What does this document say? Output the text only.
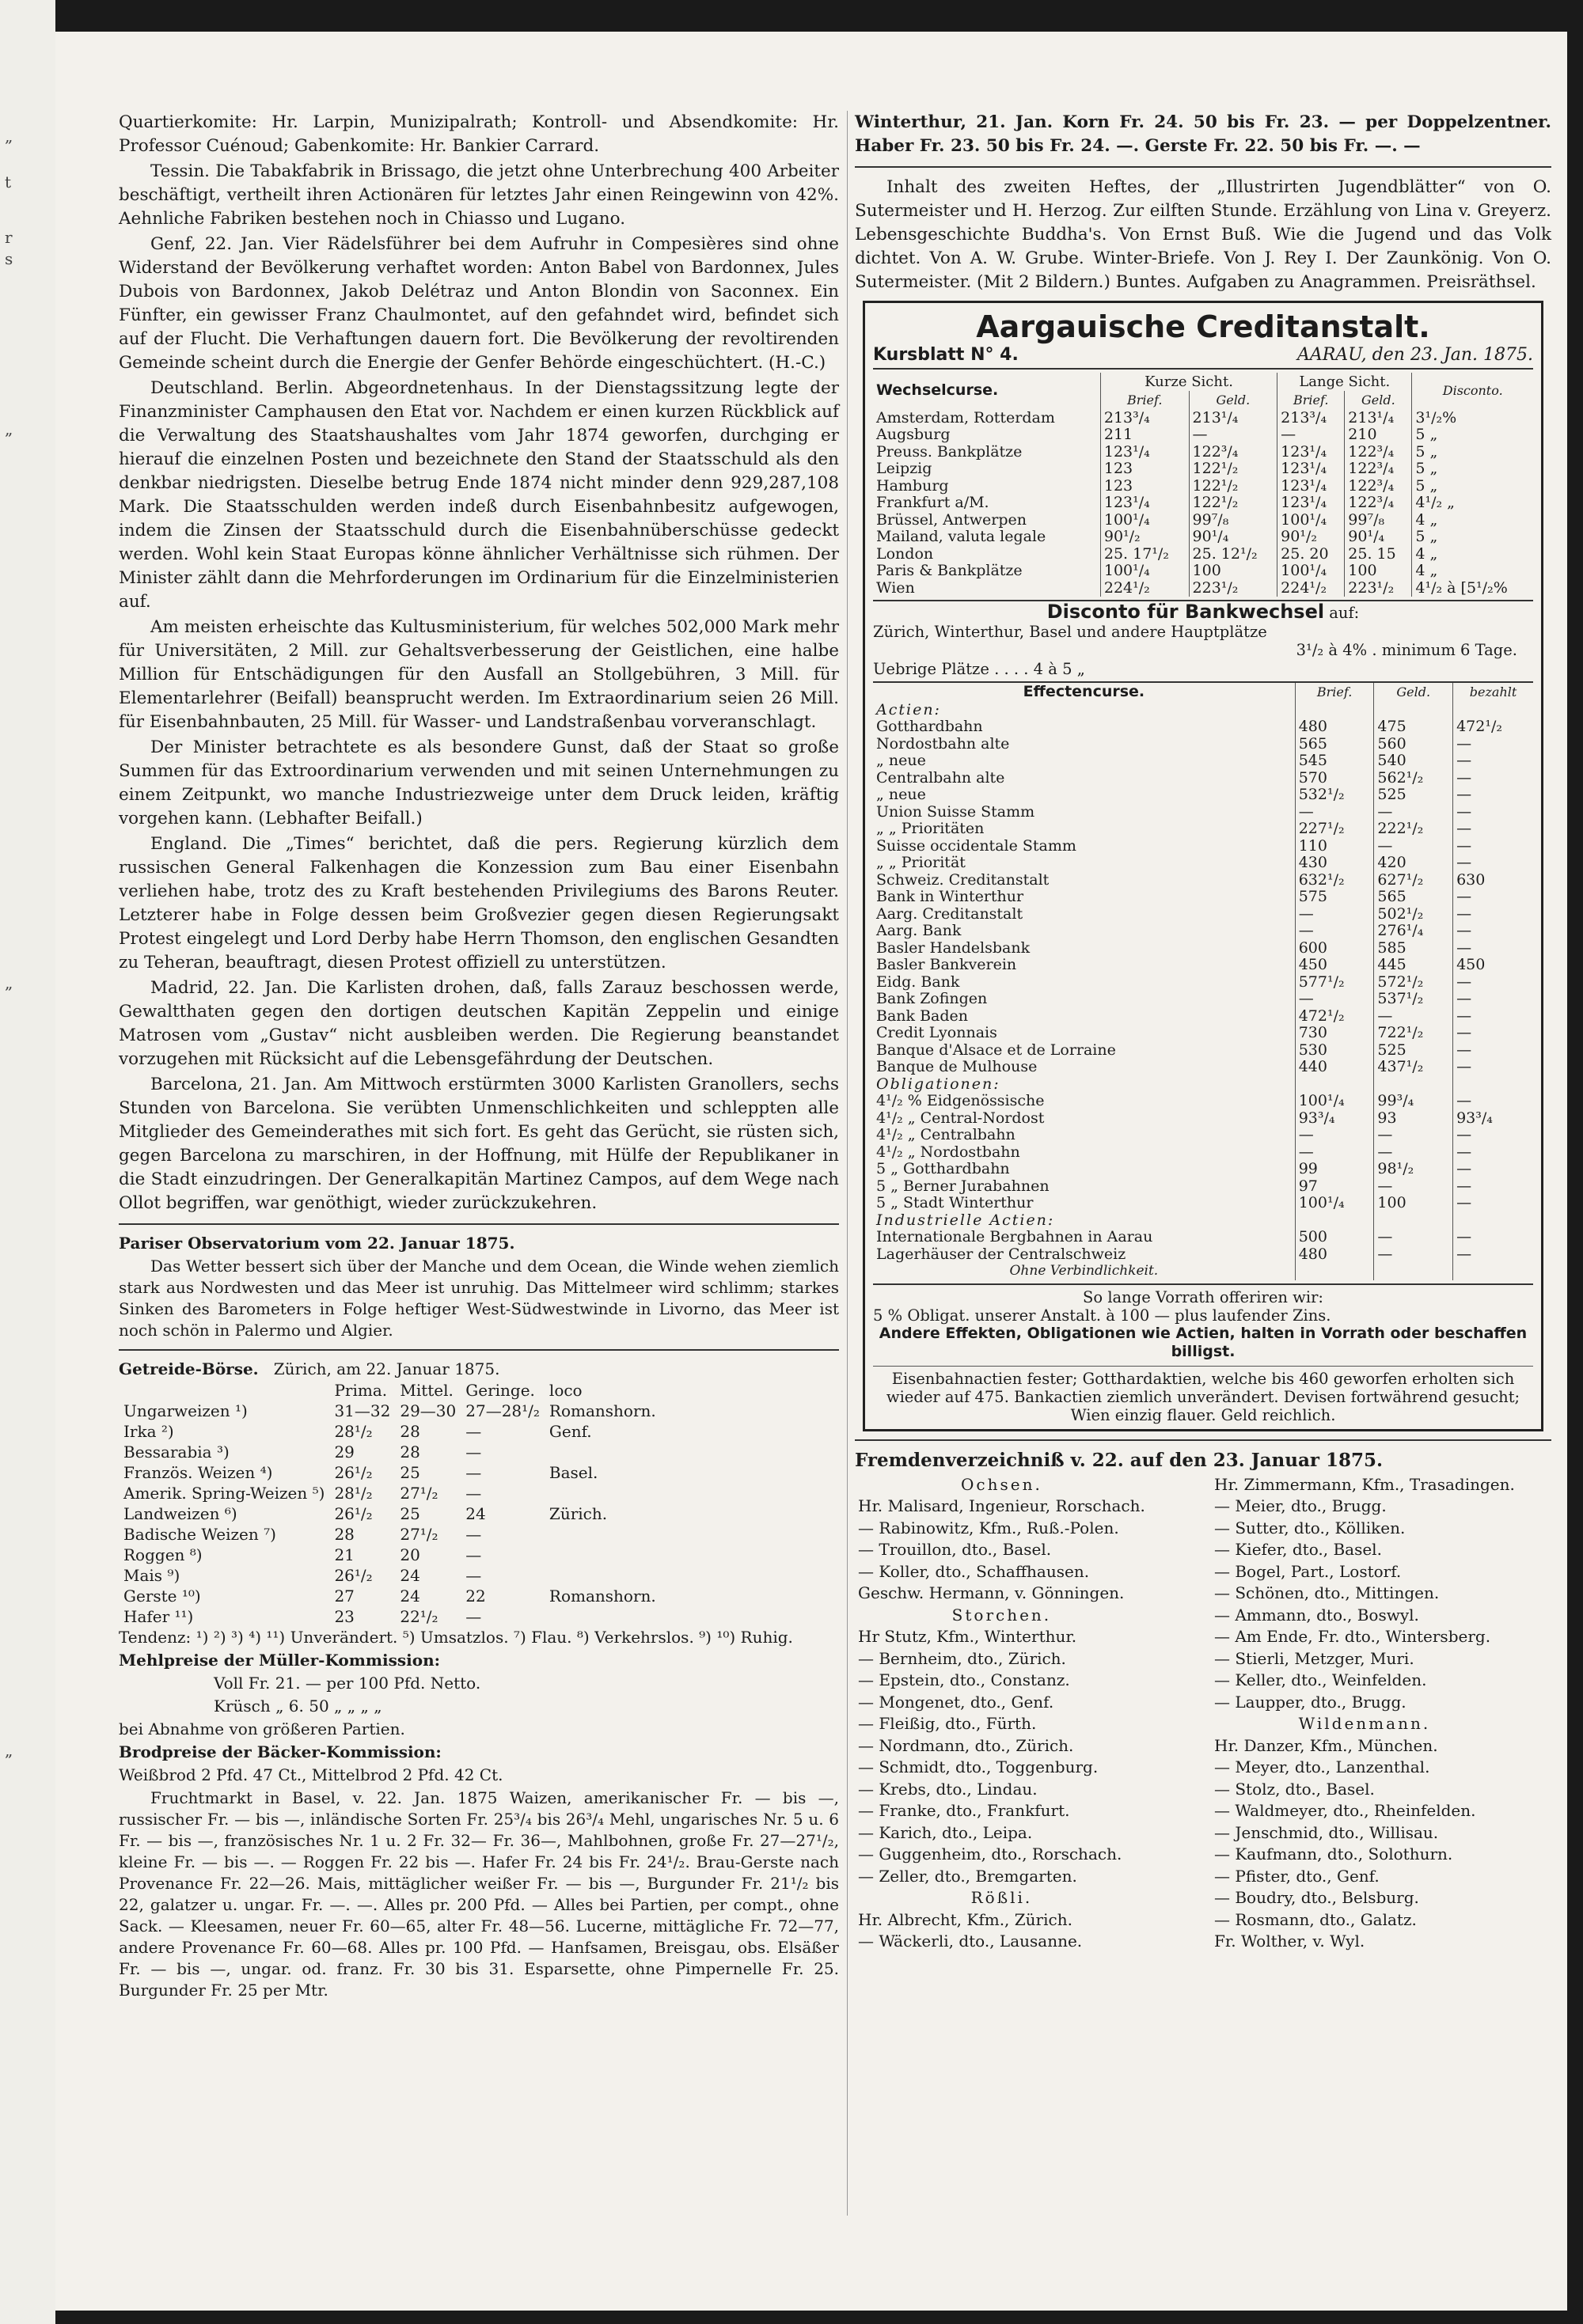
„
t
r
s
„
„
„

Quartierkomite: Hr. Larpin, Munizipalrath; Kontroll- und Absendkomite: Hr. Professor Cuénoud; Gabenkomite: Hr. Bankier Carrard.

Tessin. Die Tabakfabrik in Brissago, die jetzt ohne Unterbrechung 400 Arbeiter beschäftigt, vertheilt ihren Actionären für letztes Jahr einen Reingewinn von 42%. Aehnliche Fabriken bestehen noch in Chiasso und Lugano.

Genf, 22. Jan. Vier Rädelsführer bei dem Aufruhr in Compesières sind ohne Widerstand der Bevölkerung verhaftet worden: Anton Babel von Bardonnex, Jules Dubois von Bardonnex, Jakob Delétraz und Anton Blondin von Saconnex. Ein Fünfter, ein gewisser Franz Chaulmontet, auf den gefahndet wird, befindet sich auf der Flucht. Die Verhaftungen dauern fort. Die Bevölkerung der revoltirenden Gemeinde scheint durch die Energie der Genfer Behörde eingeschüchtert. (H.-C.)

Deutschland. Berlin. Abgeordnetenhaus. In der Dienstagssitzung legte der Finanzminister Camphausen den Etat vor. Nachdem er einen kurzen Rückblick auf die Verwaltung des Staatshaushaltes vom Jahr 1874 geworfen, durchging er hierauf die einzelnen Posten und bezeichnete den Stand der Staatsschuld als den denkbar niedrigsten. Dieselbe betrug Ende 1874 nicht minder denn 929,287,108 Mark. Die Staatsschulden werden indeß durch Eisenbahnbesitz aufgewogen, indem die Zinsen der Staatsschuld durch die Eisenbahnüberschüsse gedeckt werden. Wohl kein Staat Europas könne ähnlicher Verhältnisse sich rühmen. Der Minister zählt dann die Mehrforderungen im Ordinarium für die Einzelministerien auf.

Am meisten erheischte das Kultusministerium, für welches 502,000 Mark mehr für Universitäten, 2 Mill. zur Gehaltsverbesserung der Geistlichen, eine halbe Million für Entschädigungen für den Ausfall an Stollgebühren, 3 Mill. für Elementarlehrer (Beifall) beansprucht werden. Im Extraordinarium seien 26 Mill. für Eisenbahnbauten, 25 Mill. für Wasser- und Landstraßenbau vorveranschlagt.

Der Minister betrachtete es als besondere Gunst, daß der Staat so große Summen für das Extroordinarium verwenden und mit seinen Unternehmungen zu einem Zeitpunkt, wo manche Industriezweige unter dem Druck leiden, kräftig vorgehen kann. (Lebhafter Beifall.)

England. Die „Times“ berichtet, daß die pers. Regierung kürzlich dem russischen General Falkenhagen die Konzession zum Bau einer Eisenbahn verliehen habe, trotz des zu Kraft bestehenden Privilegiums des Barons Reuter. Letzterer habe in Folge dessen beim Großvezier gegen diesen Regierungsakt Protest eingelegt und Lord Derby habe Herrn Thomson, den englischen Gesandten zu Teheran, beauftragt, diesen Protest offiziell zu unterstützen.

Madrid, 22. Jan. Die Karlisten drohen, daß, falls Zarauz beschossen werde, Gewaltthaten gegen den dortigen deutschen Kapitän Zeppelin und einige Matrosen vom „Gustav“ nicht ausbleiben werden. Die Regierung beanstandet vorzugehen mit Rücksicht auf die Lebensgefährdung der Deutschen.

Barcelona, 21. Jan. Am Mittwoch erstürmten 3000 Karlisten Granollers, sechs Stunden von Barcelona. Sie verübten Unmenschlichkeiten und schleppten alle Mitglieder des Gemeinderathes mit sich fort. Es geht das Gerücht, sie rüsten sich, gegen Barcelona zu marschiren, in der Hoffnung, mit Hülfe der Republikaner in die Stadt einzudringen. Der Generalkapitän Martinez Campos, auf dem Wege nach Ollot begriffen, war genöthigt, wieder zurückzukehren.

Pariser Observatorium vom 22. Januar 1875.

Das Wetter bessert sich über der Manche und dem Ocean, die Winde wehen ziemlich stark aus Nordwesten und das Meer ist unruhig. Das Mittelmeer wird schlimm; starkes Sinken des Barometers in Folge heftiger West-Südwestwinde in Livorno, das Meer ist noch schön in Palermo und Algier.

Getreide-Börse. Zürich, am 22. Januar 1875.
	Prima.	Mittel.	Geringe.	loco
Ungarweizen ¹)	31—32	29—30	27—28¹/₂	Romanshorn.
Irka ²)	28¹/₂	28	—	Genf.
Bessarabia ³)	29	28	—	
Französ. Weizen ⁴)	26¹/₂	25	—	Basel.
Amerik. Spring-Weizen ⁵)	28¹/₂	27¹/₂	—	
Landweizen ⁶)	26¹/₂	25	24	Zürich.
Badische Weizen ⁷)	28	27¹/₂	—	
Roggen ⁸)	21	20	—	
Mais ⁹)	26¹/₂	24	—	
Gerste ¹⁰)	27	24	22	Romanshorn.
Hafer ¹¹)	23	22¹/₂	—	

Tendenz: ¹) ²) ³) ⁴) ¹¹) Unverändert. ⁵) Umsatzlos. ⁷) Flau. ⁸) Verkehrslos. ⁹) ¹⁰) Ruhig.

Mehlpreise der Müller-Kommission:

Voll Fr. 21. — per 100 Pfd. Netto.

Krüsch „ 6. 50 „ „ „ „

bei Abnahme von größeren Partien.

Brodpreise der Bäcker-Kommission:

Weißbrod 2 Pfd. 47 Ct., Mittelbrod 2 Pfd. 42 Ct.

Fruchtmarkt in Basel, v. 22. Jan. 1875 Waizen, amerikanischer Fr. — bis —, russischer Fr. — bis —, inländische Sorten Fr. 25³/₄ bis 26³/₄ Mehl, ungarisches Nr. 5 u. 6 Fr. — bis —, französisches Nr. 1 u. 2 Fr. 32— Fr. 36—, Mahlbohnen, große Fr. 27—27¹/₂, kleine Fr. — bis —. — Roggen Fr. 22 bis —. Hafer Fr. 24 bis Fr. 24¹/₂. Brau-Gerste nach Provenance Fr. 22—26. Mais, mittäglicher weißer Fr. — bis —, Burgunder Fr. 21¹/₂ bis 22, galatzer u. ungar. Fr. —. —. Alles pr. 200 Pfd. — Alles bei Partien, per compt., ohne Sack. — Kleesamen, neuer Fr. 60—65, alter Fr. 48—56. Lucerne, mittägliche Fr. 72—77, andere Provenance Fr. 60—68. Alles pr. 100 Pfd. — Hanfsamen, Breisgau, obs. Elsäßer Fr. — bis —, ungar. od. franz. Fr. 30 bis 31. Esparsette, ohne Pimpernelle Fr. 25. Burgunder Fr. 25 per Mtr.

Winterthur, 21. Jan. Korn Fr. 24. 50 bis Fr. 23. — per Doppelzentner. Haber Fr. 23. 50 bis Fr. 24. —. Gerste Fr. 22. 50 bis Fr. —. —

Inhalt des zweiten Heftes, der „Illustrirten Jugendblätter“ von O. Sutermeister und H. Herzog. Zur eilften Stunde. Erzählung von Lina v. Greyerz. Lebensgeschichte Buddha's. Von Ernst Buß. Wie die Jugend und das Volk dichtet. Von A. W. Grube. Winter-Briefe. Von J. Rey I. Der Zaunkönig. Von O. Sutermeister. (Mit 2 Bildern.) Buntes. Aufgaben zu Anagrammen. Preisräthsel.

Aargauische Creditanstalt.
Kursblatt N° 4.	AARAU, den 23. Jan. 1875.
Wechselcurse.	Kurze Sicht.		Lange Sicht.		Disconto.
	Brief.	Geld.	Brief.	Geld.	
Amsterdam, Rotterdam	213³/₄	213¹/₄	213³/₄	213¹/₄	3¹/₂%
Augsburg	211	—	—	210	5 „
Preuss. Bankplätze	123¹/₄	122³/₄	123¹/₄	122³/₄	5 „
Leipzig	123	122¹/₂	123¹/₄	122³/₄	5 „
Hamburg	123	122¹/₂	123¹/₄	122³/₄	5 „
Frankfurt a/M.	123¹/₄	122¹/₂	123¹/₄	122³/₄	4¹/₂ „
Brüssel, Antwerpen	100¹/₄	99⁷/₈	100¹/₄	99⁷/₈	4 „
Mailand, valuta legale	90¹/₂	90¹/₄	90¹/₂	90¹/₄	5 „
London	25. 17¹/₂	25. 12¹/₂	25. 20	25. 15	4 „
Paris & Bankplätze	100¹/₄	100	100¹/₄	100	4 „
Wien	224¹/₂	223¹/₂	224¹/₂	223¹/₂	4¹/₂ à [5¹/₂%
Disconto für Bankwechsel auf:
Zürich, Winterthur, Basel und andere Hauptplätze
3¹/₂ à 4% . minimum 6 Tage.
Uebrige Plätze . . . . 4 à 5 „
Effectencurse.	Brief.	Geld.	bezahlt
Actien:			
Gotthardbahn	480	475	472¹/₂
Nordostbahn alte	565	560	—
„ neue	545	540	—
Centralbahn alte	570	562¹/₂	—
„ neue	532¹/₂	525	—
Union Suisse Stamm	—	—	—
„ „ Prioritäten	227¹/₂	222¹/₂	—
Suisse occidentale Stamm	110	—	—
„ „ Priorität	430	420	—
Schweiz. Creditanstalt	632¹/₂	627¹/₂	630
Bank in Winterthur	575	565	—
Aarg. Creditanstalt	—	502¹/₂	—
Aarg. Bank	—	276¹/₄	—
Basler Handelsbank	600	585	—
Basler Bankverein	450	445	450
Eidg. Bank	577¹/₂	572¹/₂	—
Bank Zofingen	—	537¹/₂	—
Bank Baden	472¹/₂	—	—
Credit Lyonnais	730	722¹/₂	—
Banque d'Alsace et de Lorraine	530	525	—
Banque de Mulhouse	440	437¹/₂	—
Obligationen:			
4¹/₂ % Eidgenössische	100¹/₄	99³/₄	—
4¹/₂ „ Central-Nordost	93³/₄	93	93³/₄
4¹/₂ „ Centralbahn	—	—	—
4¹/₂ „ Nordostbahn	—	—	—
5 „ Gotthardbahn	99	98¹/₂	—
5 „ Berner Jurabahnen	97	—	—
5 „ Stadt Winterthur	100¹/₄	100	—
Industrielle Actien:			
Internationale Bergbahnen in Aarau	500	—	—
Lagerhäuser der Centralschweiz	480	—	—
Ohne Verbindlichkeit.			
So lange Vorrath offeriren wir:
5 % Obligat. unserer Anstalt. à 100 — plus laufender Zins.
Andere Effekten, Obligationen wie Actien, halten in Vorrath oder beschaffen billigst.
Eisenbahnactien fester; Gotthardaktien, welche bis 460 geworfen erholten sich wieder auf 475. Bankactien ziemlich unverändert. Devisen fortwährend gesucht; Wien einzig flauer. Geld reichlich.

Fremdenverzeichniß v. 22. auf den 23. Januar 1875.

Ochsen.
Hr. Malisard, Ingenieur, Rorschach.
— Rabinowitz, Kfm., Ruß.-Polen.
— Trouillon, dto., Basel.
— Koller, dto., Schaffhausen.
Geschw. Hermann, v. Gönningen.
Storchen.
Hr Stutz, Kfm., Winterthur.
— Bernheim, dto., Zürich.
— Epstein, dto., Constanz.
— Mongenet, dto., Genf.
— Fleißig, dto., Fürth.
— Nordmann, dto., Zürich.
— Schmidt, dto., Toggenburg.
— Krebs, dto., Lindau.
— Franke, dto., Frankfurt.
— Karich, dto., Leipa.
— Guggenheim, dto., Rorschach.
— Zeller, dto., Bremgarten.
Rößli.
Hr. Albrecht, Kfm., Zürich.
— Wäckerli, dto., Lausanne.
Hr. Zimmermann, Kfm., Trasadingen.
— Meier, dto., Brugg.
— Sutter, dto., Kölliken.
— Kiefer, dto., Basel.
— Bogel, Part., Lostorf.
— Schönen, dto., Mittingen.
— Ammann, dto., Boswyl.
— Am Ende, Fr. dto., Wintersberg.
— Stierli, Metzger, Muri.
— Keller, dto., Weinfelden.
— Laupper, dto., Brugg.
Wildenmann.
Hr. Danzer, Kfm., München.
— Meyer, dto., Lanzenthal.
— Stolz, dto., Basel.
— Waldmeyer, dto., Rheinfelden.
— Jenschmid, dto., Willisau.
— Kaufmann, dto., Solothurn.
— Pfister, dto., Genf.
— Boudry, dto., Belsburg.
— Rosmann, dto., Galatz.
Fr. Wolther, v. Wyl.
